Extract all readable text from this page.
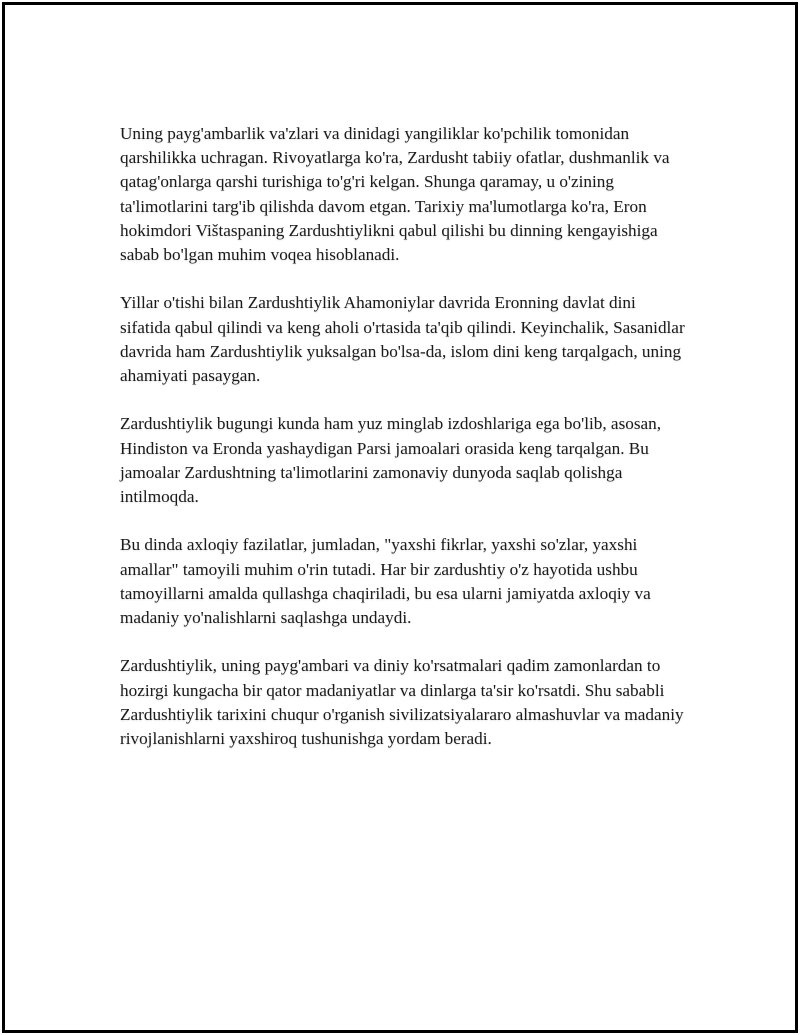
Uning payg'ambarlik va'zlari va dinidagi yangiliklar ko'pchilik tomonidan qarshilikka uchragan. Rivoyatlarga ko'ra, Zardusht tabiiy ofatlar, dushmanlik va qatag'onlarga qarshi turishiga to'g'ri kelgan. Shunga qaramay, u o'zining ta'limotlarini targ'ib qilishda davom etgan. Tarixiy ma'lumotlarga ko'ra, Eron hokimdori Vištaspaning Zardushtiylikni qabul qilishi bu dinning kengayishiga sabab bo'lgan muhim voqea hisoblanadi.

Yillar o'tishi bilan Zardushtiylik Ahamoniylar davrida Eronning davlat dini sifatida qabul qilindi va keng aholi o'rtasida ta'qib qilindi. Keyinchalik, Sasanidlar davrida ham Zardushtiylik yuksalgan bo'lsa-da, islom dini keng tarqalgach, uning ahamiyati pasaygan.

Zardushtiylik bugungi kunda ham yuz minglab izdoshlariga ega bo'lib, asosan, Hindiston va Eronda yashaydigan Parsi jamoalari orasida keng tarqalgan. Bu jamoalar Zardushtning ta'limotlarini zamonaviy dunyoda saqlab qolishga intilmoqda.

Bu dinda axloqiy fazilatlar, jumladan, "yaxshi fikrlar, yaxshi so'zlar, yaxshi amallar" tamoyili muhim o'rin tutadi. Har bir zardushtiy o'z hayotida ushbu tamoyillarni amalda qullashga chaqiriladi, bu esa ularni jamiyatda axloqiy va madaniy yo'nalishlarni saqlashga undaydi.

Zardushtiylik, uning payg'ambari va diniy ko'rsatmalari qadim zamonlardan to hozirgi kungacha bir qator madaniyatlar va dinlarga ta'sir ko'rsatdi. Shu sababli Zardushtiylik tarixini chuqur o'rganish sivilizatsiyalararo almashuvlar va madaniy rivojlanishlarni yaxshiroq tushunishga yordam beradi.
